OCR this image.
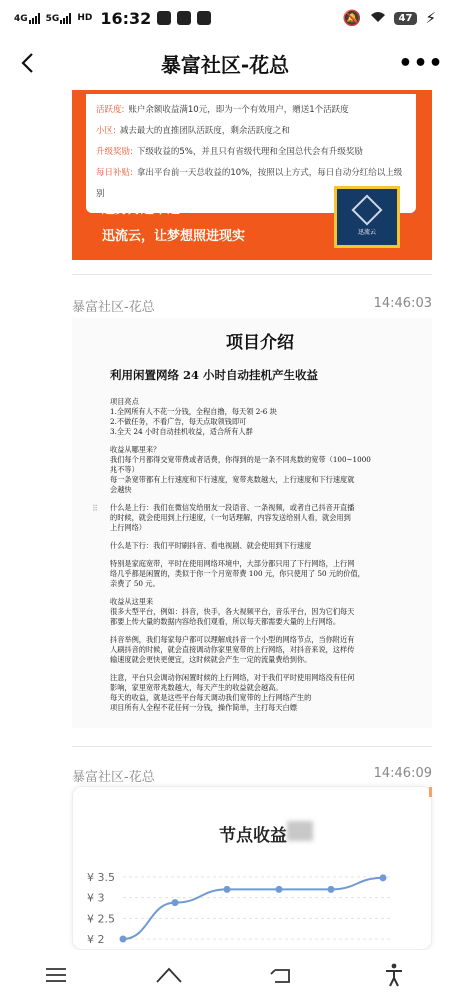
4G 5G HD 16:32	🔕	47 ⚡
暴富社区-花总	•••
活跃度: 账户余额收益满10元，即为一个有效用户，赠送1个活跃度
小区: 减去最大的直推团队活跃度，剩余活跃度之和
升级奖励: 下级收益的5%，并且只有省级代理和全国总代会有升级奖励
每日补贴: 拿出平台前一天总收益的10%，按照以上方式，每日自动分红给以上级别
越努力越幸运
迅流云，让梦想照进现实	迅流云
暴富社区-花总	14:46:03
⠿
项目介绍
利用闲置网络 24 小时自动挂机产生收益
项目亮点
1.全网所有人不花一分钱，全程自撸，每天领 2-6 块
2.不做任务，不看广告，每天点取领钱即可
3.全天 24 小时自动挂机收益，适合所有人群
收益从哪里来？
我们每个月都得交宽带费或者话费，你得到的是一条不同兆数的宽带（100~1000
兆不等）
每一条宽带都有上行速度和下行速度，宽带兆数越大，上行速度和下行速度就
会越快
什么是上行：我们在微信发给朋友一段语音、一条视频，或者自己抖音开直播
的时候，就会使用到上行速度，（一句话理解，内容发送给别人看，就会用到
上行网络）
什么是下行：我们平时刷抖音、看电视剧、就会使用到下行速度
特别是家庭宽带，平时在使用网络环境中，大部分都只用了下行网络，上行网
络几乎都是闲置的，类似于你一个月宽带费 100 元，你只使用了 50 元的价值，
亲费了 50 元。
收益从这里来
很多大型平台，例如：抖音，快手，各大视频平台，音乐平台，因为它们每天
都要上传大量的数据内容给我们观看，所以每天都需要大量的上行网络。
抖音举例，我们每家每户都可以理解成抖音一个小型的网络节点，当你附近有
人刷抖音的时候，就会直接调动你家里宽带的上行网络，对抖音来说，这样传
输速度就会更快更便宜，这时候就会产生一定的流量费给到你。
注意，平台只会调动你闲置时候的上行网络，对于我们平时使用网络没有任何
影响，家里宽带兆数越大，每天产生的收益就会越高。
每天的收益，就是这些平台每天调动我们宽带的上行网络产生的
项目所有人全程不花任何一分钱，操作简单，主打每天白嫖
暴富社区-花总	14:46:09
节点收益
¥ 3.5
¥ 3
¥ 2.5
¥ 2
